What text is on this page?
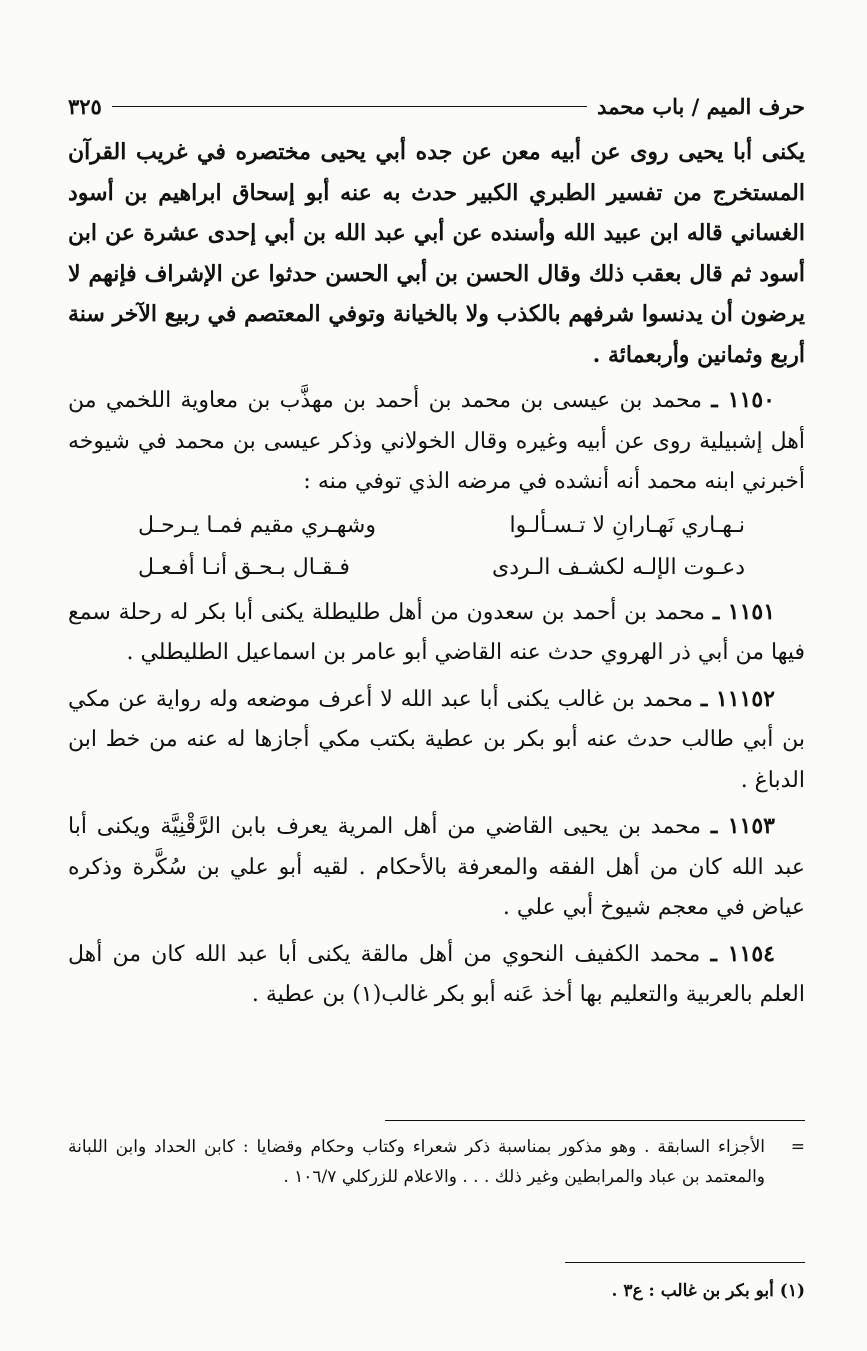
حرف الميم / باب محمد
٣٢٥

يكنى أبا يحيى روى عن أبيه معن عن جده أبي يحيى مختصره في غريب القرآن المستخرج من تفسير الطبري الكبير حدث به عنه أبو إسحاق ابراهيم بن أسود الغساني قاله ابن عبيد الله وأسنده عن أبي عبد الله بن أبي إحدى عشرة عن ابن أسود ثم قال بعقب ذلك وقال الحسن بن أبي الحسن حدثوا عن الإشراف فإنهم لا يرضون أن يدنسوا شرفهم بالكذب ولا بالخيانة وتوفي المعتصم في ربيع الآخر سنة أربع وثمانين وأربعمائة .

١١٥٠ ـ محمد بن عيسى بن محمد بن أحمد بن مهذَّب بن معاوية اللخمي من أهل إشبيلية روى عن أبيه وغيره وقال الخولاني وذكر عيسى بن محمد في شيوخه أخبرني ابنه محمد أنه أنشده في مرضه الذي توفي منه :

نـهـاري نَهـارانِ لا تـسـألـوا
وشهـري مقيم فمـا يـرحـل
دعـوت الإلـه لكشـف الـردى
فـقـال بـحـق أنـا أفـعـل

١١٥١ ـ محمد بن أحمد بن سعدون من أهل طليطلة يكنى أبا بكر له رحلة سمع فيها من أبي ذر الهروي حدث عنه القاضي أبو عامر بن اسماعيل الطليطلي .

١١١٥٢ ـ محمد بن غالب يكنى أبا عبد الله لا أعرف موضعه وله رواية عن مكي بن أبي طالب حدث عنه أبو بكر بن عطية بكتب مكي أجازها له عنه من خط ابن الدباغ .

١١٥٣ ـ محمد بن يحيى القاضي من أهل المرية يعرف بابن الرَّقْنِيَّة ويكنى أبا عبد الله كان من أهل الفقه والمعرفة بالأحكام . لقيه أبو علي بن سُكَّرة وذكره عياض في معجم شيوخ أبي علي .

١١٥٤ ـ محمد الكفيف النحوي من أهل مالقة يكنى أبا عبد الله كان من أهل العلم بالعربية والتعليم بها أخذ عَنه أبو بكر غالب(١) بن عطية .

=
الأجزاء السابقة . وهو مذكور بمناسبة ذكر شعراء وكتاب وحكام وقضايا : كابن الحداد وابن اللبانة والمعتمد بن عباد والمرابطين وغير ذلك . . . والاعلام للزركلي ١٠٦/٧ .
(١) أبو بكر بن غالب : ع٣ .
